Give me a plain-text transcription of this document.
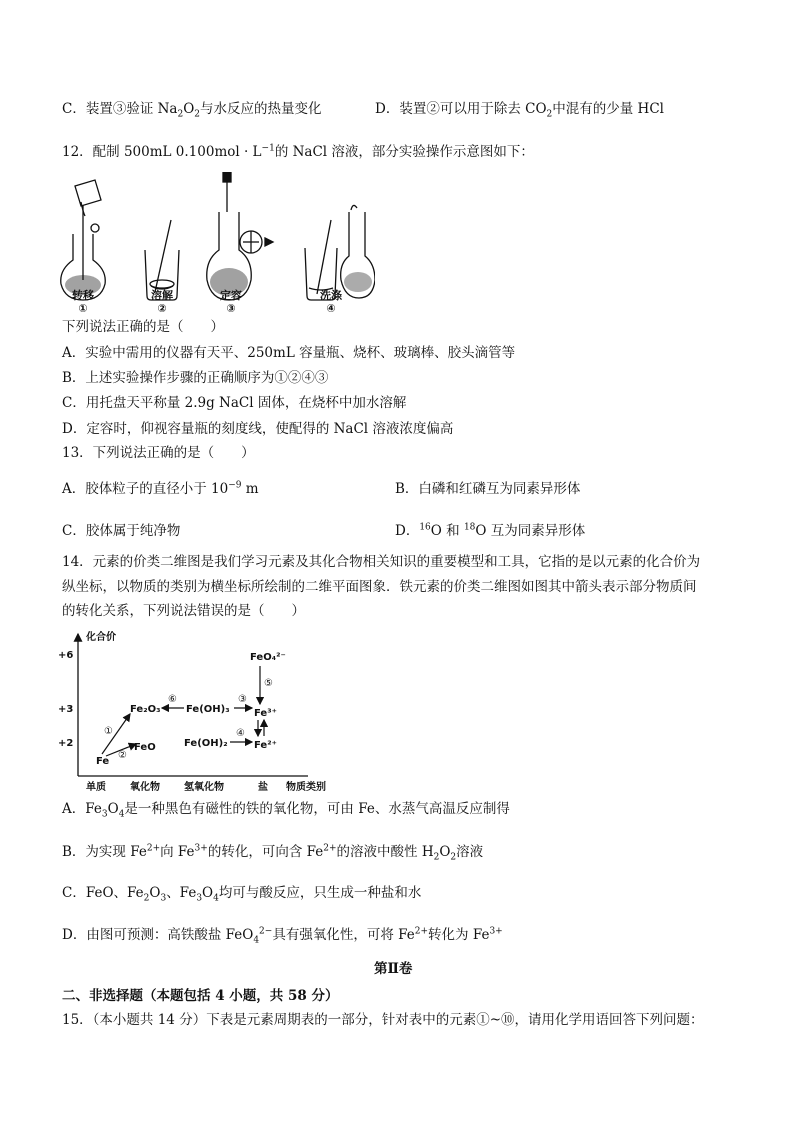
C．装置③验证 $Na_2O_2$与水反应的热量变化	D．装置②可以用于除去 $CO_2$中混有的少量 HCl
12．配制 500mL $0.100mol \cdot L^{-1}$的 NaCl 溶液，部分实验操作示意图如下：
转移	溶解	定容	洗涤
①	②	③	④
下列说法正确的是（　　）
A．实验中需用的仪器有天平、250mL 容量瓶、烧杯、玻璃棒、胶头滴管等
B．上述实验操作步骤的正确顺序为①②④③
C．用托盘天平称量 2.9g NaCl 固体，在烧杯中加水溶解
D．定容时，仰视容量瓶的刻度线，使配得的 NaCl 溶液浓度偏高
13．下列说法正确的是（　　）
A．胶体粒子的直径小于 $10^{-9}$ m	B．白磷和红磷互为同素异形体
C．胶体属于纯净物	D．$^{16}$O 和 $^{18}$O 互为同素异形体
14．元素的价类二维图是我们学习元素及其化合物相关知识的重要模型和工具，它指的是以元素的化合价为
纵坐标，以物质的类别为横坐标所绘制的二维平面图象．铁元素的价类二维图如图其中箭头表示部分物质间
的转化关系，下列说法错误的是（　　）
化合价
+6
+3
+2
单质 氧化物 氢氧化物	盐 物质类别
Fe
Fe₂O₃
FeO
Fe(OH)₃
Fe(OH)₂
Fe³⁺
Fe²⁺
FeO₄²⁻
①
②
③
④
⑤
⑥
A．$Fe_3O_4$是一种黑色有磁性的铁的氧化物，可由 Fe、水蒸气高温反应制得
B．为实现 $Fe^{2+}$向 $Fe^{3+}$的转化，可向含 $Fe^{2+}$的溶液中酸性 $H_2O_2$溶液
C．FeO、$Fe_2O_3$、$Fe_3O_4$均可与酸反应，只生成一种盐和水
D．由图可预测：高铁酸盐 FeO$_4^{2-}$具有强氧化性，可将 $Fe^{2+}$转化为 $Fe^{3+}$
第Ⅱ卷
二、非选择题（本题包括 4 小题，共 58 分）
15．（本小题共 14 分）下表是元素周期表的一部分，针对表中的元素①~⑩，请用化学用语回答下列问题：
